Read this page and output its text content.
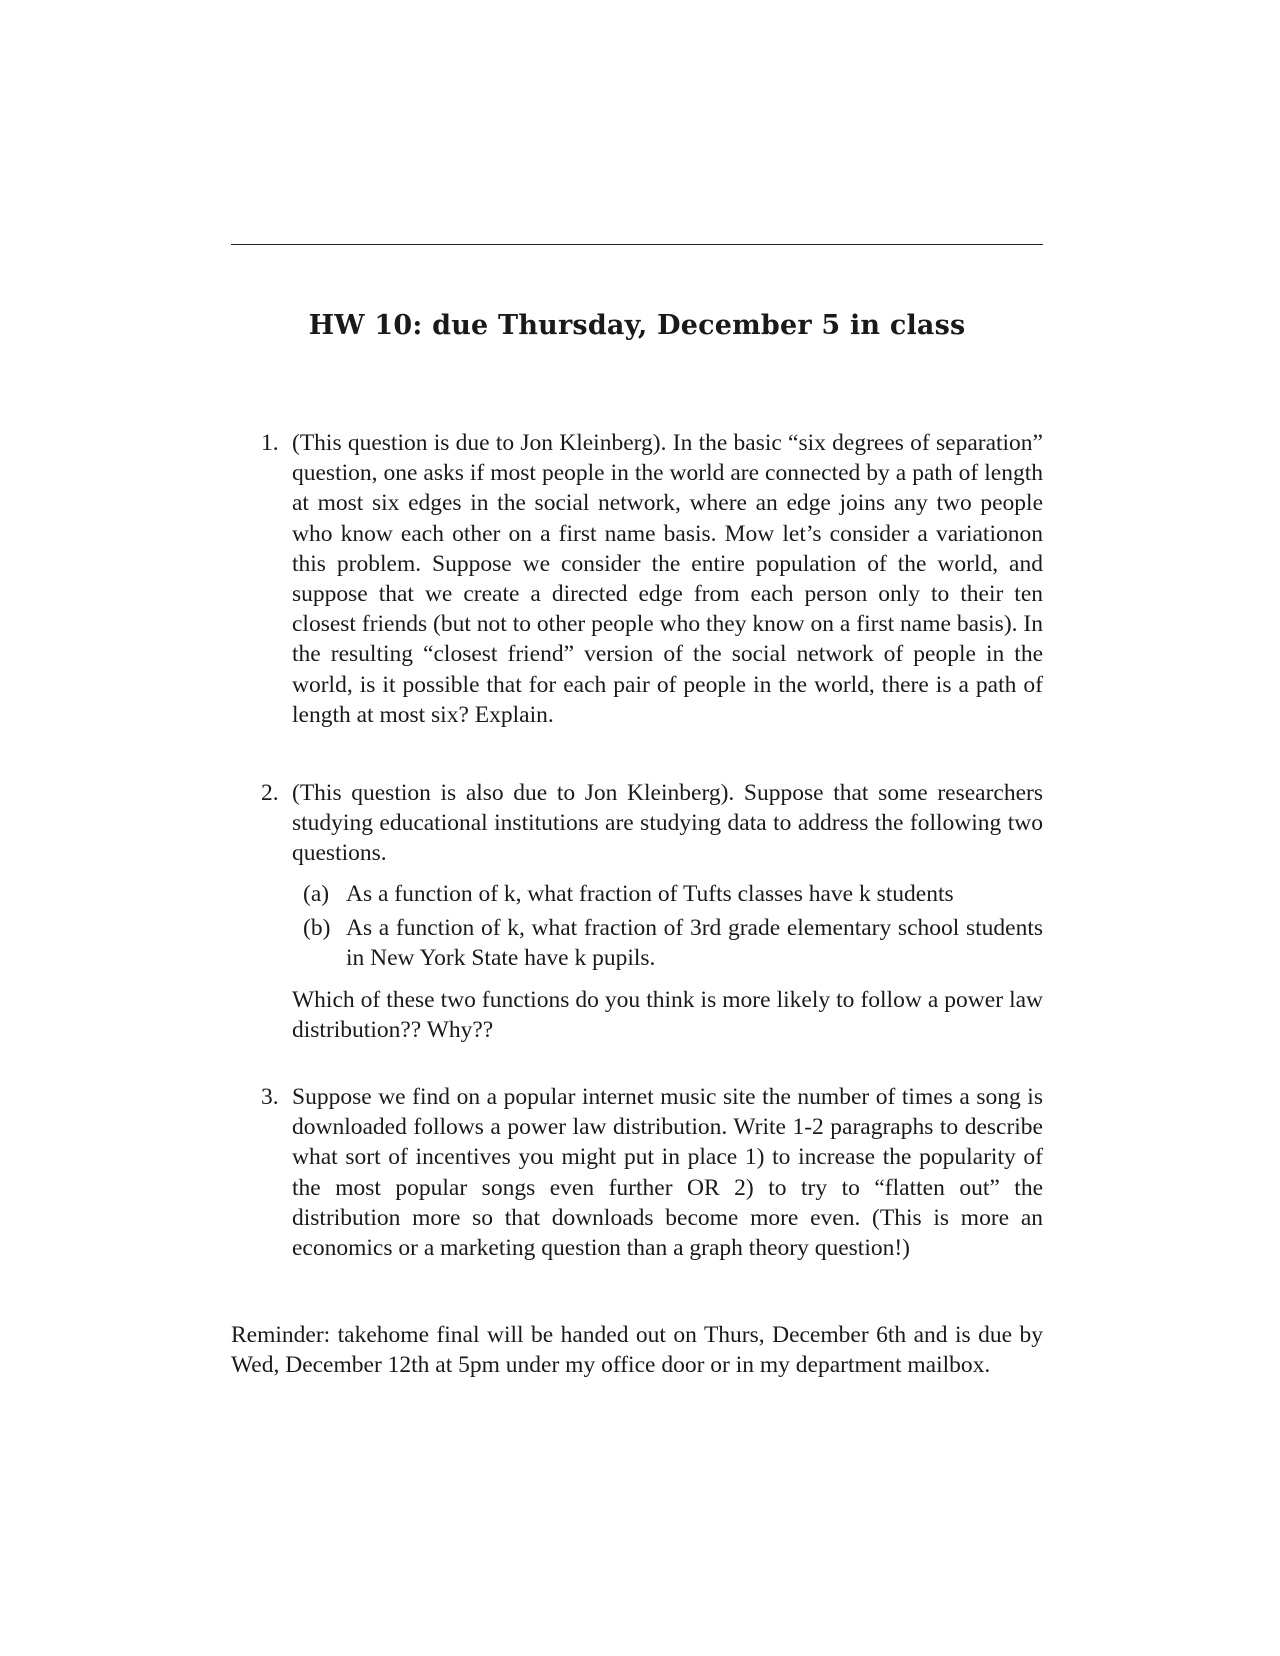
HW 10: due Thursday, December 5 in class
1. (This question is due to Jon Kleinberg). In the basic “six degrees of separation” question, one asks if most people in the world are connected by a path of length at most six edges in the social network, where an edge joins any two people who know each other on a first name basis. Mow let’s consider a variationon this problem. Suppose we consider the entire population of the world, and suppose that we create a directed edge from each person only to their ten closest friends (but not to other people who they know on a first name basis). In the resulting “closest friend” version of the social network of people in the world, is it possible that for each pair of people in the world, there is a path of length at most six? Explain.
2. (This question is also due to Jon Kleinberg). Suppose that some researchers studying educational institutions are studying data to address the following two questions.
(a) As a function of k, what fraction of Tufts classes have k students
(b) As a function of k, what fraction of 3rd grade elementary school students in New York State have k pupils.
Which of these two functions do you think is more likely to follow a power law distribution?? Why??
3. Suppose we find on a popular internet music site the number of times a song is downloaded follows a power law distribution. Write 1-2 paragraphs to describe what sort of incentives you might put in place 1) to increase the popularity of the most popular songs even further OR 2) to try to “flatten out” the distribution more so that downloads become more even. (This is more an economics or a marketing question than a graph theory question!)
Reminder: takehome final will be handed out on Thurs, December 6th and is due by Wed, December 12th at 5pm under my office door or in my department mailbox.
